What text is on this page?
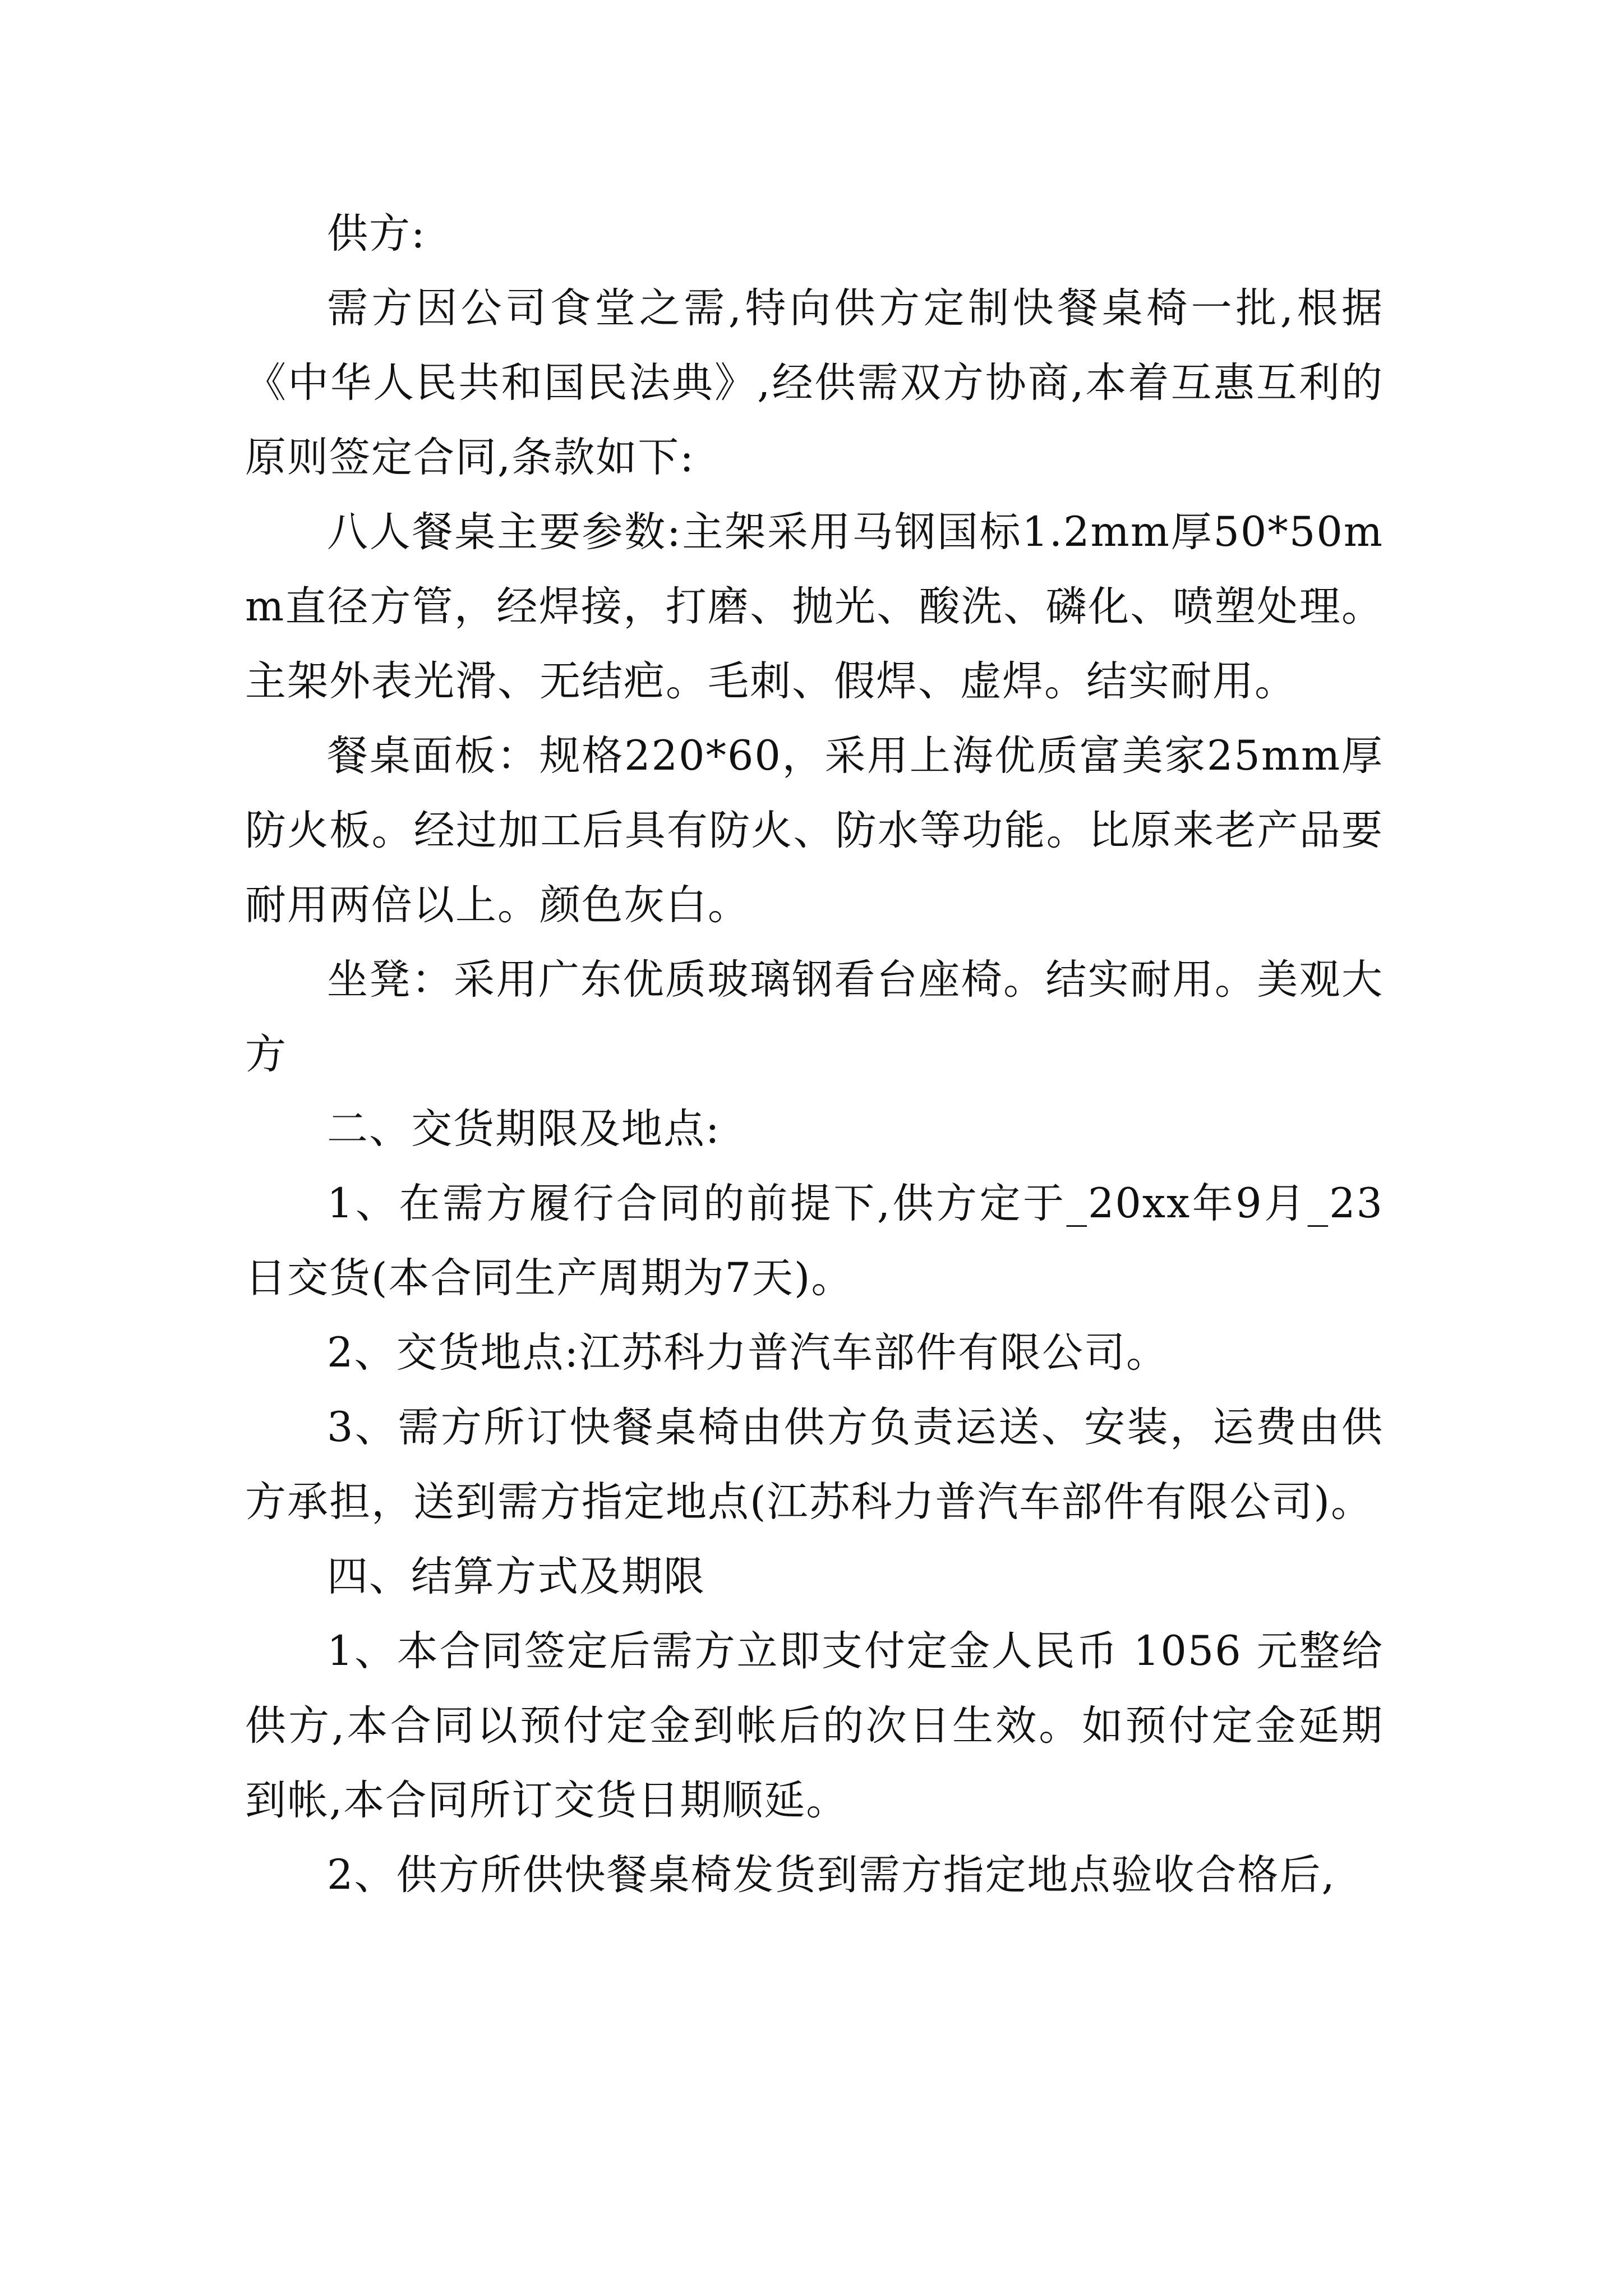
供方:

需方因公司食堂之需,特向供方定制快餐桌椅一批,根据《中华人民共和国民法典》,经供需双方协商,本着互惠互利的原则签定合同,条款如下:

八人餐桌主要参数:主架采用马钢国标1.2mm厚50*50mm直径方管，经焊接，打磨、抛光、酸洗、磷化、喷塑处理。主架外表光滑、无结疤。毛刺、假焊、虚焊。结实耐用。

餐桌面板：规格220*60，采用上海优质富美家25mm厚防火板。经过加工后具有防火、防水等功能。比原来老产品要耐用两倍以上。颜色灰白。

坐凳：采用广东优质玻璃钢看台座椅。结实耐用。美观大方

二、交货期限及地点:

1、在需方履行合同的前提下,供方定于_20xx年9月_23日交货(本合同生产周期为7天)。

2、交货地点:江苏科力普汽车部件有限公司。

3、需方所订快餐桌椅由供方负责运送、安装，运费由供方承担，送到需方指定地点(江苏科力普汽车部件有限公司)。

四、结算方式及期限

1、本合同签定后需方立即支付定金人民币 1056 元整给供方,本合同以预付定金到帐后的次日生效。如预付定金延期到帐,本合同所订交货日期顺延。

2、供方所供快餐桌椅发货到需方指定地点验收合格后,
